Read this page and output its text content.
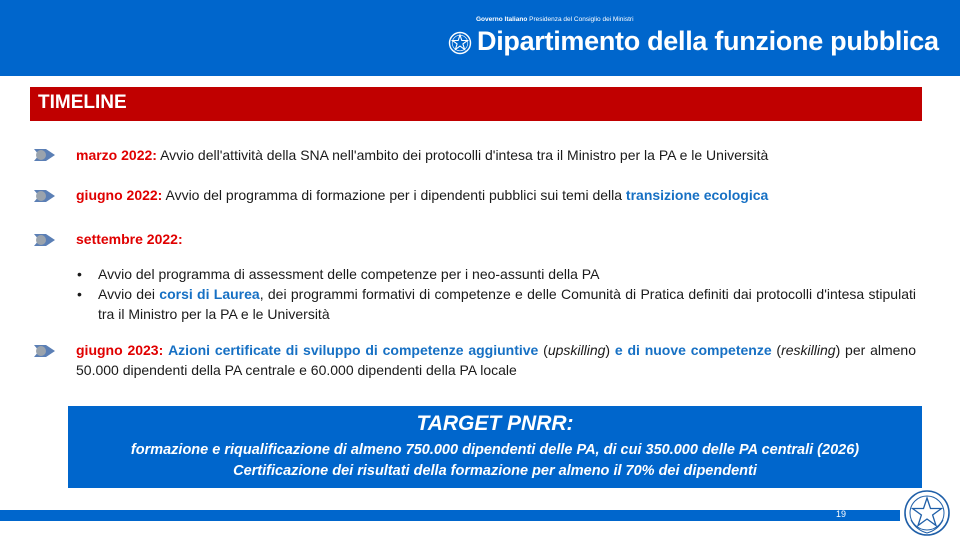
Governo Italiano Presidenza del Consiglio dei Ministri
Dipartimento della funzione pubblica
TIMELINE
marzo 2022: Avvio dell'attività della SNA nell'ambito dei protocolli d'intesa tra il Ministro per la PA e le Università
giugno 2022: Avvio del programma di formazione per i dipendenti pubblici sui temi della transizione ecologica
settembre 2022:
• Avvio del programma di assessment delle competenze per i neo-assunti della PA
• Avvio dei corsi di Laurea, dei programmi formativi di competenze e delle Comunità di Pratica definiti dai protocolli d'intesa stipulati tra il Ministro per la PA e le Università
giugno 2023: Azioni certificate di sviluppo di competenze aggiuntive (upskilling) e di nuove competenze (reskilling) per almeno 50.000 dipendenti della PA centrale e 60.000 dipendenti della PA locale
TARGET PNRR:
formazione e riqualificazione di almeno 750.000 dipendenti delle PA, di cui 350.000 delle PA centrali (2026)
Certificazione dei risultati della formazione per almeno il 70% dei dipendenti
19
